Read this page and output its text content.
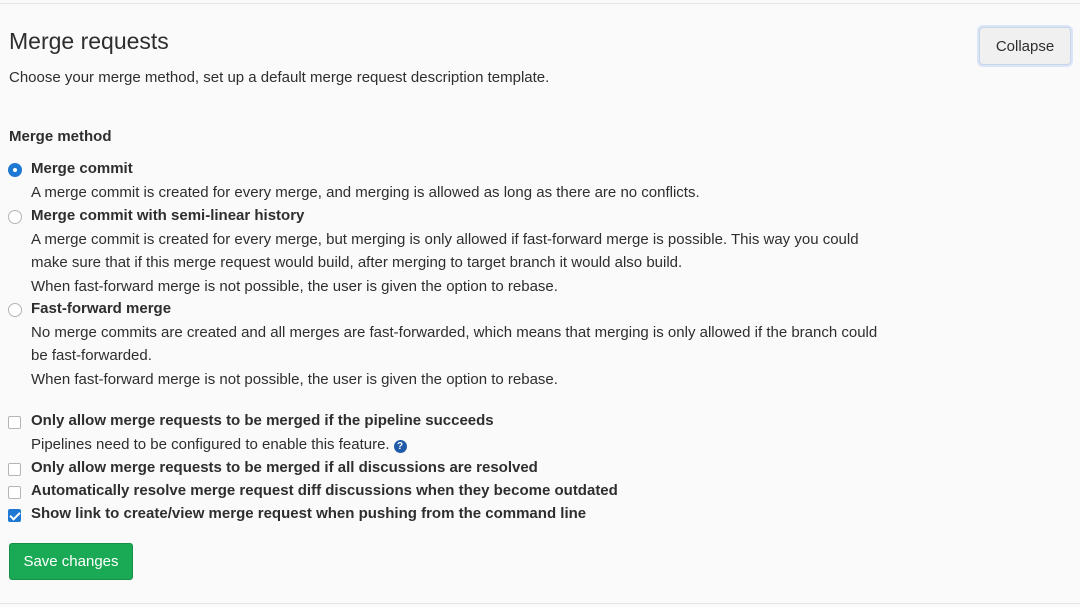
Merge requests
Choose your merge method, set up a default merge request description template.
Collapse
Merge method
Merge commit
A merge commit is created for every merge, and merging is allowed as long as there are no conflicts.
Merge commit with semi-linear history
A merge commit is created for every merge, but merging is only allowed if fast-forward merge is possible. This way you could
make sure that if this merge request would build, after merging to target branch it would also build.
When fast-forward merge is not possible, the user is given the option to rebase.
Fast-forward merge
No merge commits are created and all merges are fast-forwarded, which means that merging is only allowed if the branch could
be fast-forwarded.
When fast-forward merge is not possible, the user is given the option to rebase.
Only allow merge requests to be merged if the pipeline succeeds
Pipelines need to be configured to enable this feature. ?
Only allow merge requests to be merged if all discussions are resolved
Automatically resolve merge request diff discussions when they become outdated
Show link to create/view merge request when pushing from the command line
Save changes
